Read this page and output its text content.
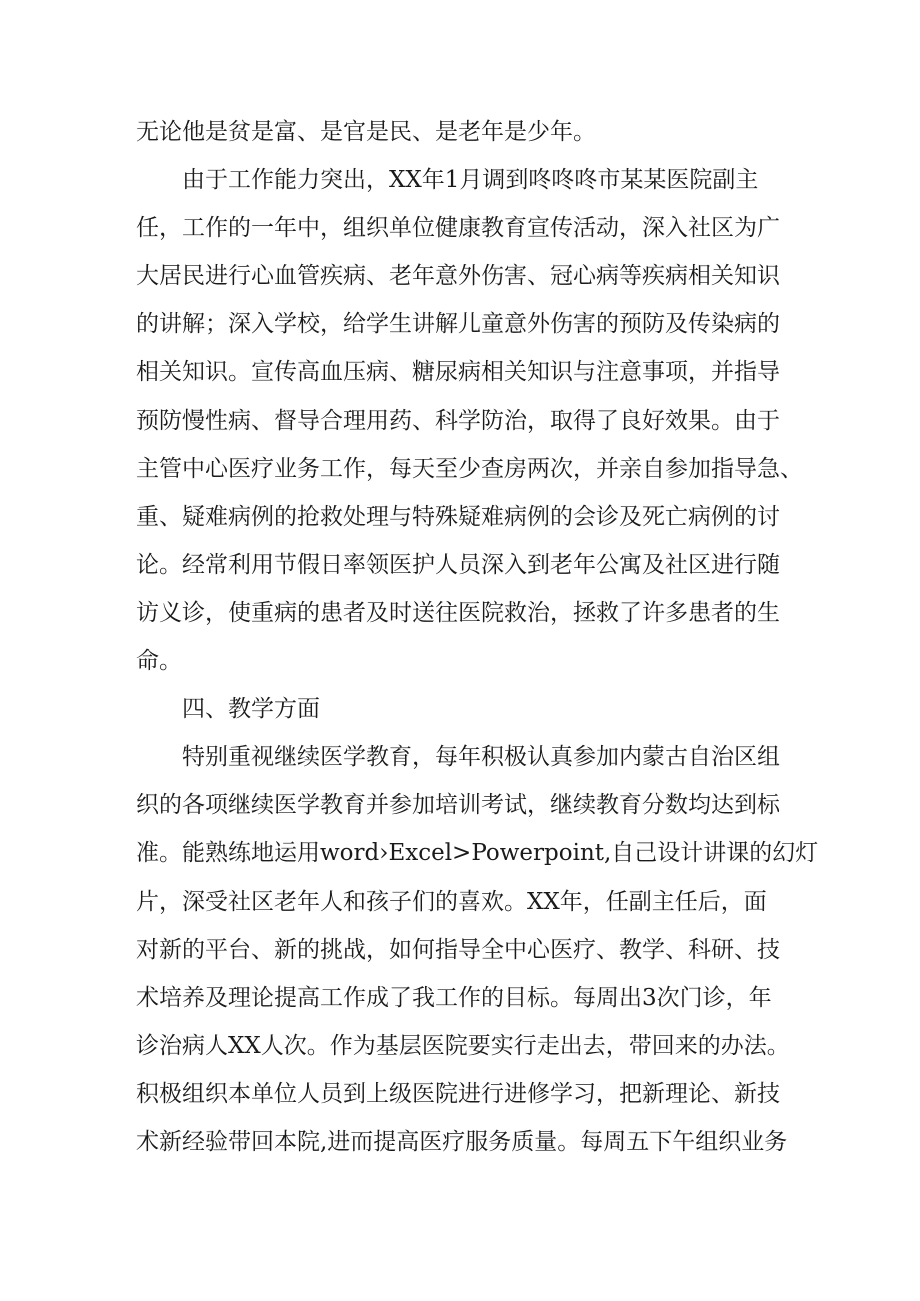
无论他是贫是富、是官是民、是老年是少年。
由于工作能力突出，XX年1月调到咚咚咚市某某医院副主
任，工作的一年中，组织单位健康教育宣传活动，深入社区为广
大居民进行心血管疾病、老年意外伤害、冠心病等疾病相关知识
的讲解；深入学校，给学生讲解儿童意外伤害的预防及传染病的
相关知识。宣传高血压病、糖尿病相关知识与注意事项，并指导
预防慢性病、督导合理用药、科学防治，取得了良好效果。由于
主管中心医疗业务工作，每天至少查房两次，并亲自参加指导急、
重、疑难病例的抢救处理与特殊疑难病例的会诊及死亡病例的讨
论。经常利用节假日率领医护人员深入到老年公寓及社区进行随
访义诊，使重病的患者及时送往医院救治，拯救了许多患者的生
命。
四、教学方面
特别重视继续医学教育，每年积极认真参加内蒙古自治区组
织的各项继续医学教育并参加培训考试，继续教育分数均达到标
准。能熟练地运用word›Excel>Powerpoint,自己设计讲课的幻灯
片，深受社区老年人和孩子们的喜欢。XX年，任副主任后，面
对新的平台、新的挑战，如何指导全中心医疗、教学、科研、技
术培养及理论提高工作成了我工作的目标。每周出3次门诊，年
诊治病人XX人次。作为基层医院要实行走出去，带回来的办法。
积极组织本单位人员到上级医院进行进修学习，把新理论、新技
术新经验带回本院,进而提高医疗服务质量。每周五下午组织业务
